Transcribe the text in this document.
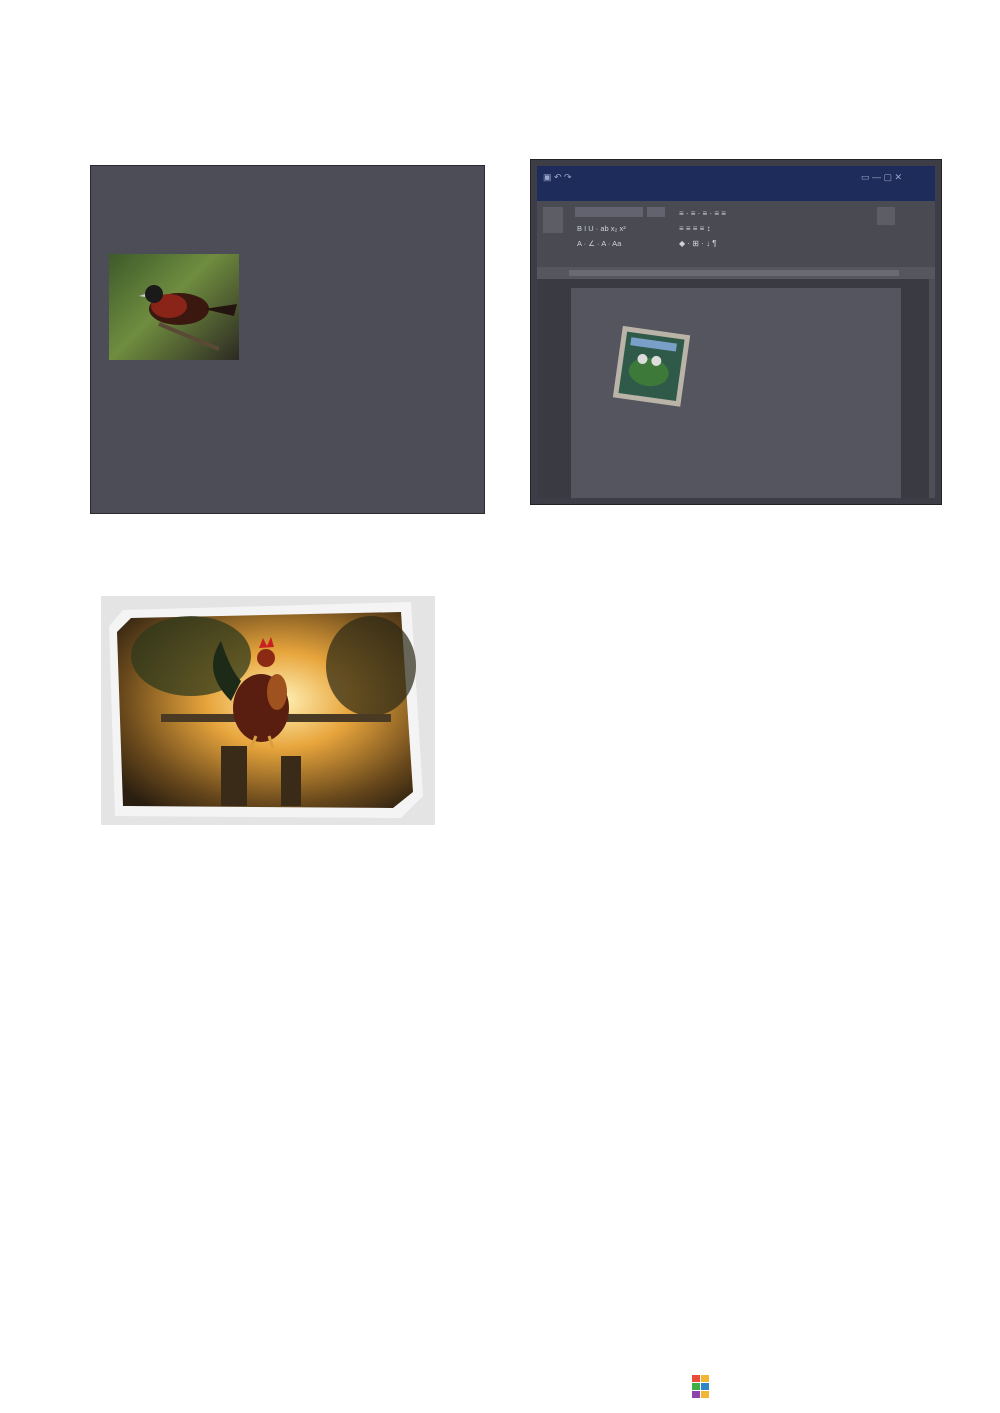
▣ ↶ ↷	▭ — ▢ ✕
B I U · ab x₂ x²
A · ∠ · A · Aa
≡ · ≡ · ≡ · ≡ ≡
≡ ≡ ≡ ≡ ↕
◆ · ⊞ · ↓ ¶
